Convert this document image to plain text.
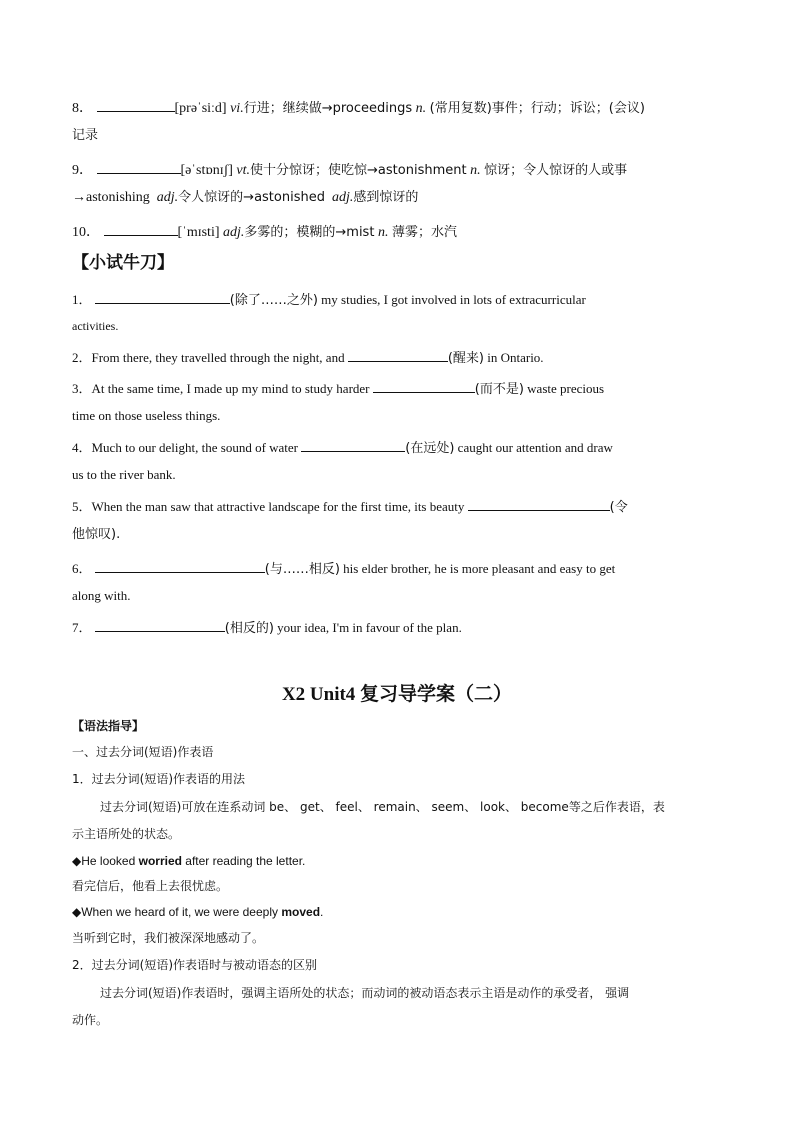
8．	[prəˈsiːd] vi.行进；继续做→proceedings n. (常用复数)事件；行动；诉讼；(会议)
记录
9．	[əˈstɒnɪʃ] vt.使十分惊讶；使吃惊→astonishment n. 惊讶；令人惊讶的人或事
→astonishing adj.令人惊讶的→astonished adj.感到惊讶的
10．	[ˈmɪsti] adj.多雾的；模糊的→mist n. 薄雾；水汽
【小试牛刀】
1．	(除了……之外) my studies, I got involved in lots of extracurricular
activities.
2．From there, they travelled through the night, and	(醒来) in Ontario.
3．At the same time, I made up my mind to study harder	(而不是) waste precious
time on those useless things.
4．Much to our delight, the sound of water	(在远处) caught our attention and draw
us to the river bank.
5．When the man saw that attractive landscape for the first time, its beauty	(令
他惊叹).
6．	(与……相反) his elder brother, he is more pleasant and easy to get
along with.
7．	(相反的) your idea, I'm in favour of the plan.
X2 Unit4 复习导学案（二）
【语法指导】
一、过去分词(短语)作表语
1．过去分词(短语)作表语的用法
过去分词(短语)可放在连系动词 be、 get、 feel、 remain、 seem、 look、 become等之后作表语，表
示主语所处的状态。
◆He looked worried after reading the letter.
看完信后，他看上去很忧虑。
◆When we heard of it, we were deeply moved.
当听到它时，我们被深深地感动了。
2．过去分词(短语)作表语时与被动语态的区别
过去分词(短语)作表语时，强调主语所处的状态；而动词的被动语态表示主语是动作的承受者， 强调
动作。
